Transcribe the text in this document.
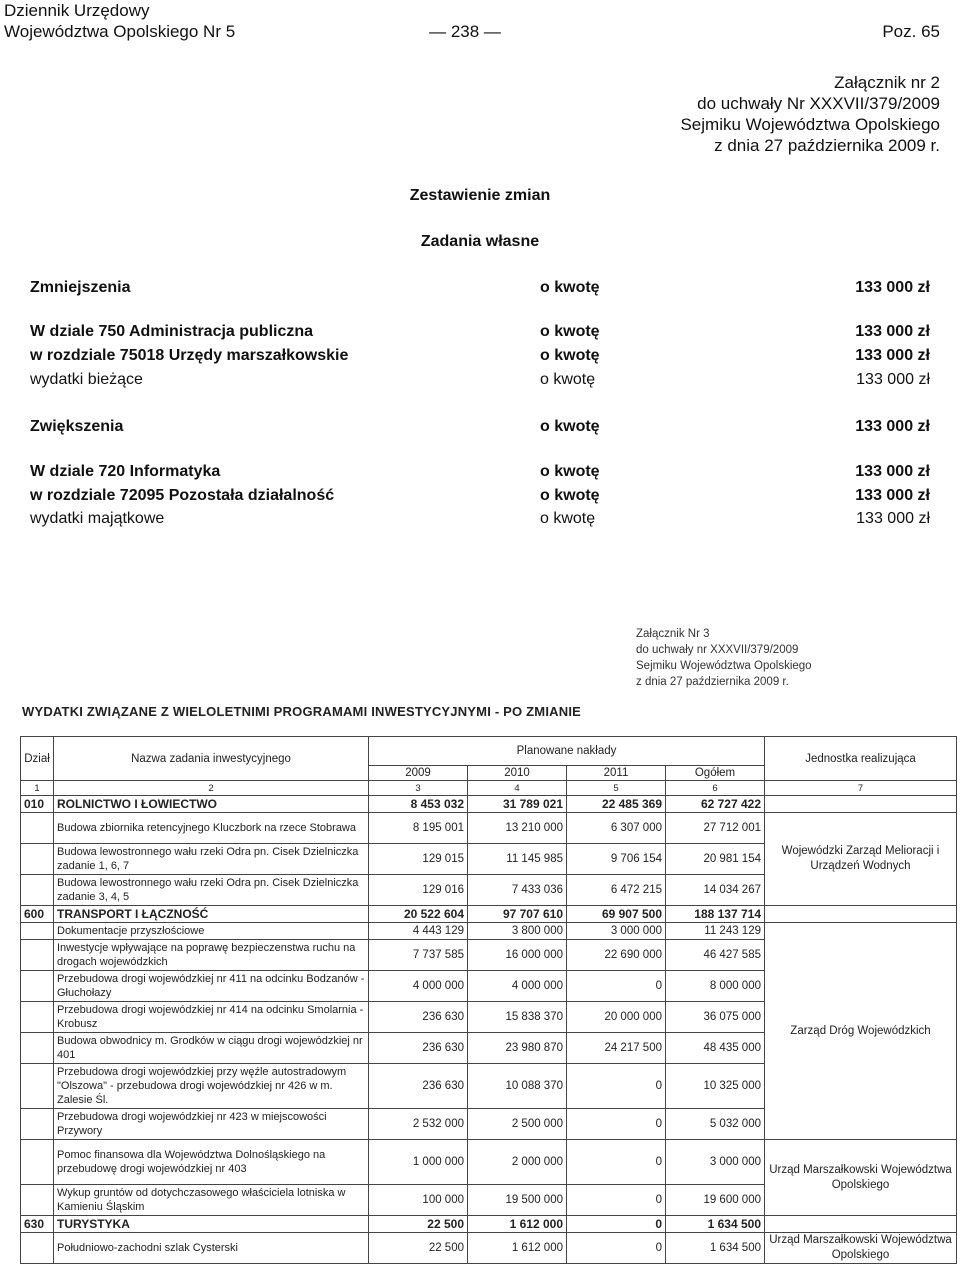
Dziennik Urzędowy
Województwa Opolskiego Nr 5	— 238 —	Poz. 65
Załącznik nr 2
do uchwały Nr XXXVII/379/2009
Sejmiku Województwa Opolskiego
z dnia 27 października 2009 r.
Zestawienie zmian
Zadania własne
Zmniejszenia	o kwotę	133 000 zł
W dziale 750 Administracja publiczna	o kwotę	133 000 zł
w rozdziale 75018 Urzędy marszałkowskie	o kwotę	133 000 zł
wydatki bieżące	o kwotę	133 000 zł
Zwiększenia	o kwotę	133 000 zł
W dziale 720 Informatyka	o kwotę	133 000 zł
w rozdziale 72095 Pozostała działalność	o kwotę	133 000 zł
wydatki majątkowe	o kwotę	133 000 zł
Załącznik Nr 3
do uchwały nr XXXVII/379/2009
Sejmiku Województwa Opolskiego
z dnia 27 października 2009 r.
WYDATKI ZWIĄZANE Z WIELOLETNIMI PROGRAMAMI INWESTYCYJNYMI - PO ZMIANIE
Dział	Nazwa zadania inwestycyjnego	Planowane nakłady				Jednostka realizująca
		2009	2010	2011	Ogółem	
1	2	3	4	5	6	7
010	ROLNICTWO I ŁOWIECTWO	8 453 032	31 789 021	22 485 369	62 727 422	
	Budowa zbiornika retencyjnego Kluczbork na rzece Stobrawa	8 195 001	13 210 000	6 307 000	27 712 001	Wojewódzki Zarząd Melioracji i Urządzeń Wodnych
	Budowa lewostronnego wału rzeki Odra pn. Cisek Dzielniczka zadanie 1, 6, 7	129 015	11 145 985	9 706 154	20 981 154	
	Budowa lewostronnego wału rzeki Odra pn. Cisek Dzielniczka zadanie 3, 4, 5	129 016	7 433 036	6 472 215	14 034 267	
600	TRANSPORT I ŁĄCZNOŚĆ	20 522 604	97 707 610	69 907 500	188 137 714	
	Dokumentacje przyszłościowe	4 443 129	3 800 000	3 000 000	11 243 129	Zarząd Dróg Wojewódzkich
	Inwestycje wpływające na poprawę bezpieczenstwa ruchu na drogach wojewódzkich	7 737 585	16 000 000	22 690 000	46 427 585	
	Przebudowa drogi wojewódzkiej nr 411 na odcinku Bodzanów - Głuchołazy	4 000 000	4 000 000	0	8 000 000	
	Przebudowa drogi wojewódzkiej nr 414 na odcinku Smolarnia - Krobusz	236 630	15 838 370	20 000 000	36 075 000	
	Budowa obwodnicy m. Grodków w ciągu drogi wojewódzkiej nr 401	236 630	23 980 870	24 217 500	48 435 000	
	Przebudowa drogi wojewódzkiej przy węźle autostradowym "Olszowa" - przebudowa drogi wojewódzkiej nr 426 w m. Zalesie Śl.	236 630	10 088 370	0	10 325 000	
	Przebudowa drogi wojewódzkiej nr 423 w miejscowości Przywory	2 532 000	2 500 000	0	5 032 000	
	Pomoc finansowa dla Województwa Dolnośląskiego na przebudowę drogi wojewódzkiej nr 403	1 000 000	2 000 000	0	3 000 000	Urząd Marszałkowski Województwa Opolskiego
	Wykup gruntów od dotychczasowego właściciela lotniska w Kamieniu Śląskim	100 000	19 500 000	0	19 600 000	
630	TURYSTYKA	22 500	1 612 000	0	1 634 500	
	Południowo-zachodni szlak Cysterski	22 500	1 612 000	0	1 634 500	Urząd Marszałkowski Województwa Opolskiego
